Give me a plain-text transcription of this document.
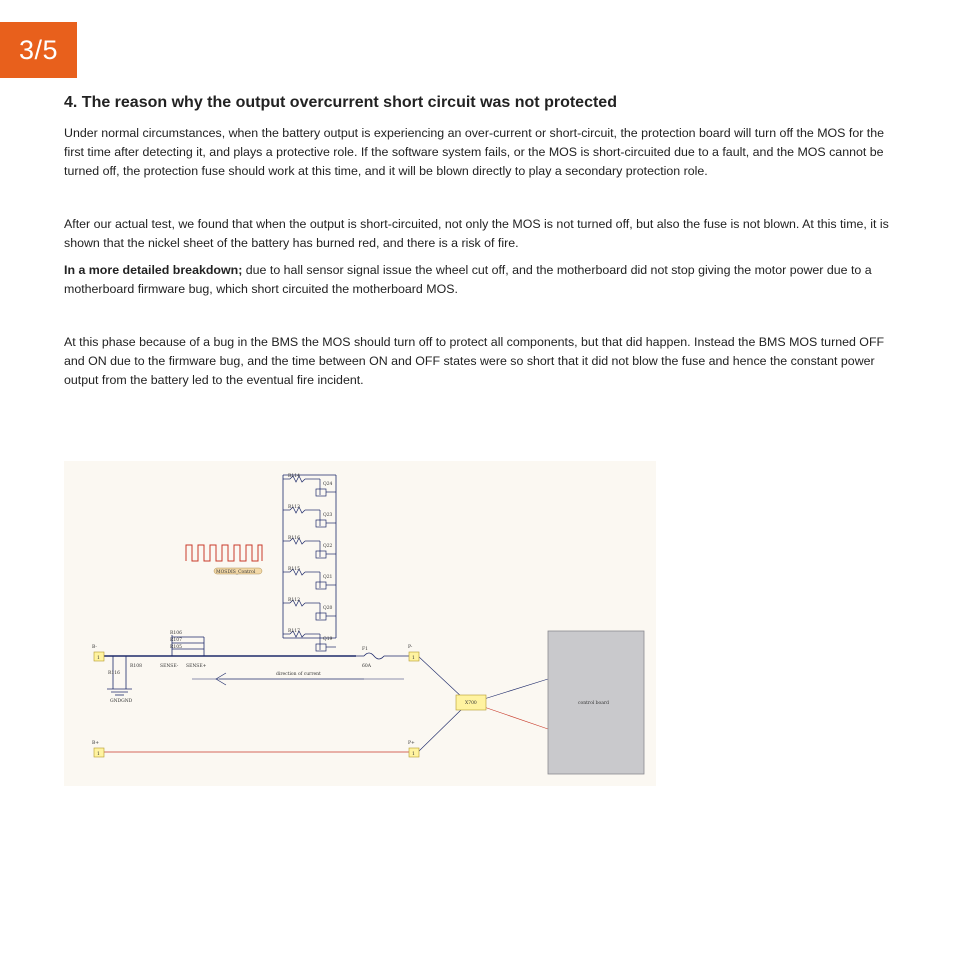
3/5
4. The reason why the output overcurrent short circuit was not protected

Under normal circumstances, when the battery output is experiencing an over-current or short-circuit, the protection board will turn off the MOS for the first time after detecting it, and plays a protective role. If the software system fails, or the MOS is short-circuited due to a fault, and the MOS cannot be turned off, the protection fuse should work at this time, and it will be blown directly to play a secondary protection role.

After our actual test, we found that when the output is short-circuited, not only the MOS is not turned off, but also the fuse is not blown. At this time, it is shown that the nickel sheet of the battery has burned red, and there is a risk of fire.

In a more detailed breakdown; due to hall sensor signal issue the wheel cut off, and the motherboard did not stop giving the motor power due to a motherboard firmware bug, which short circuited the motherboard MOS.

At this phase because of a bug in the BMS the MOS should turn off to protect all components, but that did happen. Instead the BMS MOS turned OFF and ON due to the firmware bug, and the time between ON and OFF states were so short that it did not blow the fuse and hence the constant power output from the battery led to the eventual fire incident.

R114
Q24
R113
Q23
R116
Q22
R115
Q21
R112
Q20
R117
Q19
MOSDIS_Control
R106
R107
R105
SENSE- SENSE+
F1
60A
direction of current
B-
B+
P-
P+
1
1
1
1
X700	control board
GNDGND
R116
R108
